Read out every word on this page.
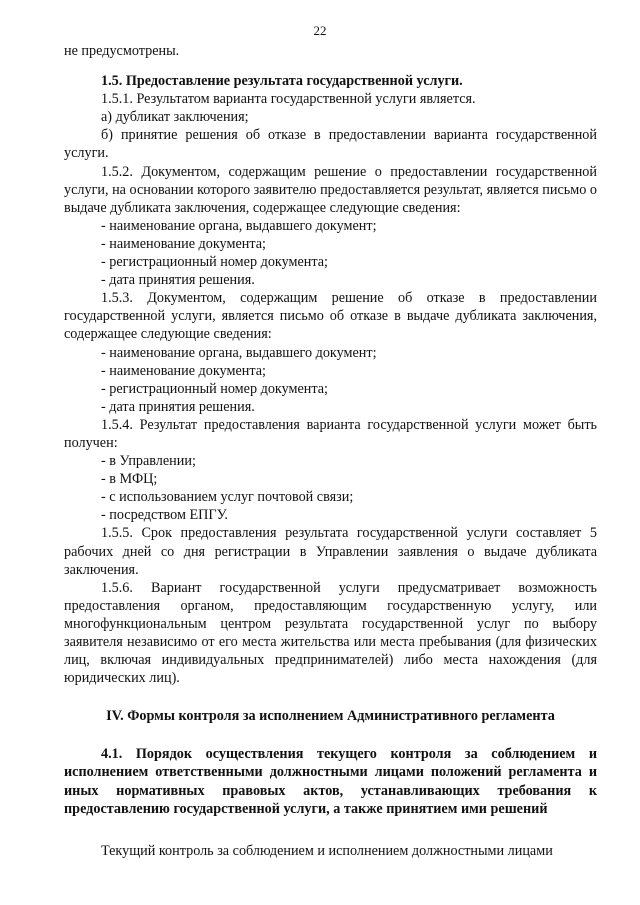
22

не предусмотрены.

1.5. Предоставление результата государственной услуги.

1.5.1. Результатом варианта государственной услуги является.

а) дубликат заключения;

б) принятие решения об отказе в предоставлении варианта государственной услуги.

1.5.2. Документом, содержащим решение о предоставлении государственной услуги, на основании которого заявителю предоставляется результат, является письмо о выдаче дубликата заключения, содержащее следующие сведения:

- наименование органа, выдавшего документ;

- наименование документа;

- регистрационный номер документа;

- дата принятия решения.

1.5.3. Документом, содержащим решение об отказе в предоставлении государственной услуги, является письмо об отказе в выдаче дубликата заключения, содержащее следующие сведения:

- наименование органа, выдавшего документ;

- наименование документа;

- регистрационный номер документа;

- дата принятия решения.

1.5.4. Результат предоставления варианта государственной услуги может быть получен:

- в Управлении;

- в МФЦ;

- с использованием услуг почтовой связи;

- посредством ЕПГУ.

1.5.5. Срок предоставления результата государственной услуги составляет 5 рабочих дней со дня регистрации в Управлении заявления о выдаче дубликата заключения.

1.5.6. Вариант государственной услуги предусматривает возможность предоставления органом, предоставляющим государственную услугу, или многофункциональным центром результата государственной услуг по выбору заявителя независимо от его места жительства или места пребывания (для физических лиц, включая индивидуальных предпринимателей) либо места нахождения (для юридических лиц).

IV. Формы контроля за исполнением Административного регламента

4.1. Порядок осуществления текущего контроля за соблюдением и исполнением ответственными должностными лицами положений регламента и иных нормативных правовых актов, устанавливающих требования к предоставлению государственной услуги, а также принятием ими решений

Текущий контроль за соблюдением и исполнением должностными лицами
